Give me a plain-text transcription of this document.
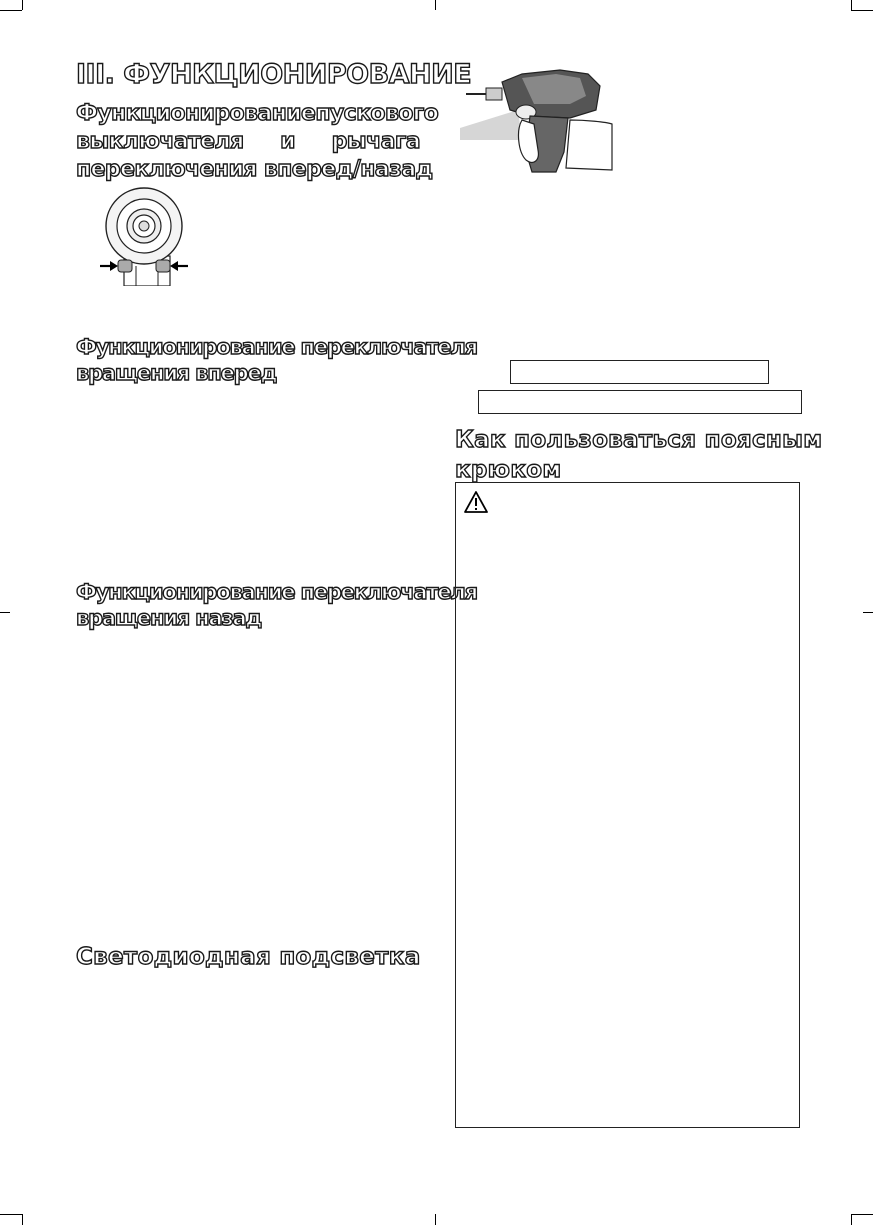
III. ФУНКЦИОНИРОВАНИЕ
Функционирование пускового
выключателя и рычага
переключения вперед/назад
Функционирование переключателя
вращения вперед
Функционирование переключателя
вращения назад
Светодиодная подсветка
Как пользоваться поясным
крюком
